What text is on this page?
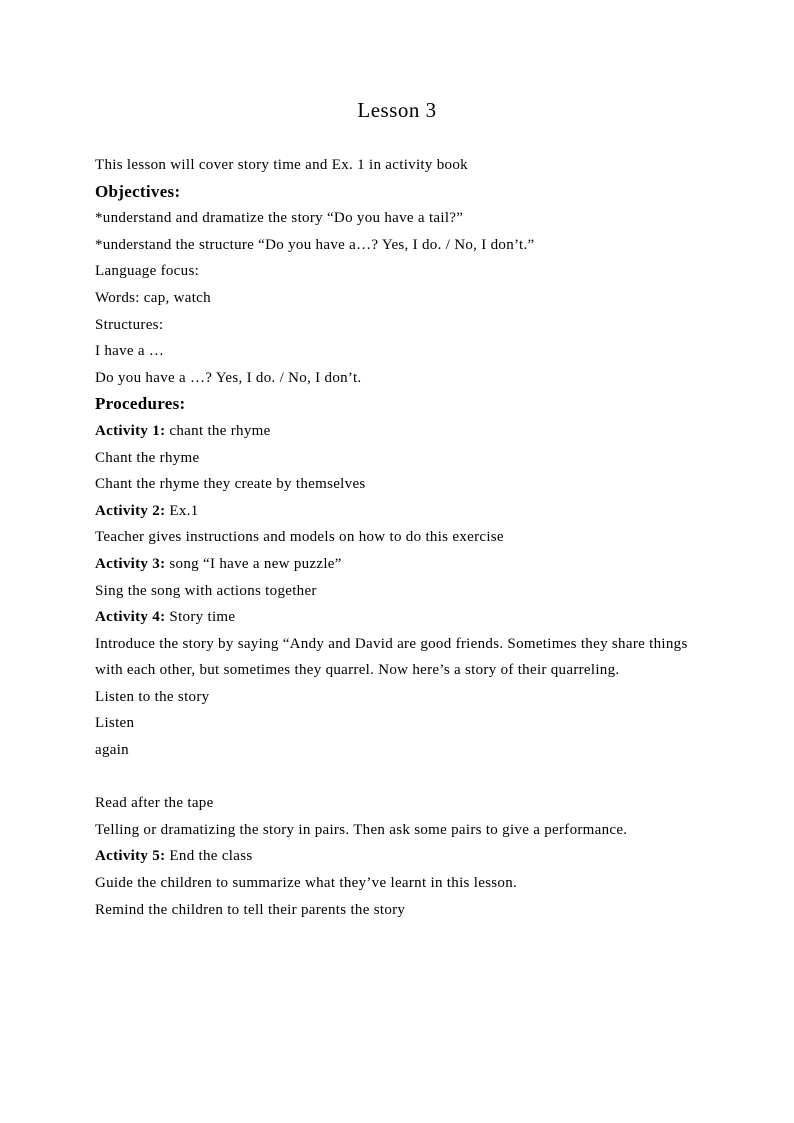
Lesson 3
This lesson will cover story time and Ex. 1 in activity book
Objectives:
*understand and dramatize the story “Do you have a tail?”
*understand the structure “Do you have a…? Yes, I do. / No, I don’t.”
Language focus:
Words: cap, watch
Structures:
I have a …
Do you have a …? Yes, I do. / No, I don’t.
Procedures:
Activity 1: chant the rhyme
Chant the rhyme
Chant the rhyme they create by themselves
Activity 2: Ex.1
Teacher gives instructions and models on how to do this exercise
Activity 3: song “I have a new puzzle”
Sing the song with actions together
Activity 4: Story time
Introduce the story by saying “Andy and David are good friends. Sometimes they share things with each other, but sometimes they quarrel. Now here’s a story of their quarreling.
Listen to the story
Listen
again
Read after the tape
Telling or dramatizing the story in pairs. Then ask some pairs to give a performance.
Activity 5: End the class
Guide the children to summarize what they’ve learnt in this lesson.
Remind the children to tell their parents the story
